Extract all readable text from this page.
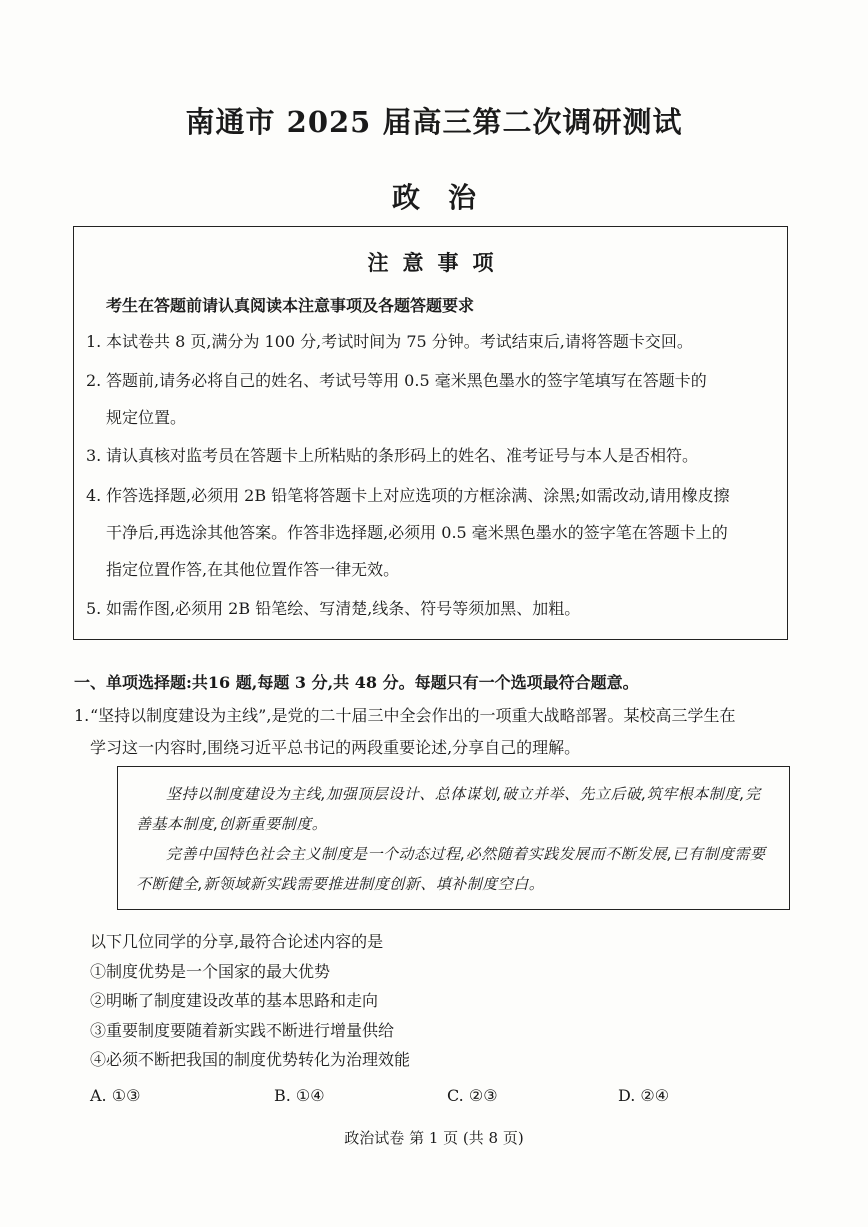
南通市 2025 届高三第二次调研测试
政治
注意事项
考生在答题前请认真阅读本注意事项及各题答题要求
1. 本试卷共 8 页,满分为 100 分,考试时间为 75 分钟。考试结束后,请将答题卡交回。
2. 答题前,请务必将自己的姓名、考试号等用 0.5 毫米黑色墨水的签字笔填写在答题卡的
规定位置。
3. 请认真核对监考员在答题卡上所粘贴的条形码上的姓名、准考证号与本人是否相符。
4. 作答选择题,必须用 2B 铅笔将答题卡上对应选项的方框涂满、涂黑;如需改动,请用橡皮擦
干净后,再选涂其他答案。作答非选择题,必须用 0.5 毫米黑色墨水的签字笔在答题卡上的
指定位置作答,在其他位置作答一律无效。
5. 如需作图,必须用 2B 铅笔绘、写清楚,线条、符号等须加黑、加粗。
一、单项选择题:共16 题,每题 3 分,共 48 分。每题只有一个选项最符合题意。
1.“坚持以制度建设为主线”,是党的二十届三中全会作出的一项重大战略部署。某校高三学生在
学习这一内容时,围绕习近平总书记的两段重要论述,分享自己的理解。

坚持以制度建设为主线,加强顶层设计、总体谋划,破立并举、先立后破,筑牢根本制度,完善基本制度,创新重要制度。

完善中国特色社会主义制度是一个动态过程,必然随着实践发展而不断发展,已有制度需要不断健全,新领域新实践需要推进制度创新、填补制度空白。

以下几位同学的分享,最符合论述内容的是
①制度优势是一个国家的最大优势
②明晰了制度建设改革的基本思路和走向
③重要制度要随着新实践不断进行增量供给
④必须不断把我国的制度优势转化为治理效能
A. ①③	B. ①④	C. ②③	D. ②④
政治试卷 第 1 页 (共 8 页)
